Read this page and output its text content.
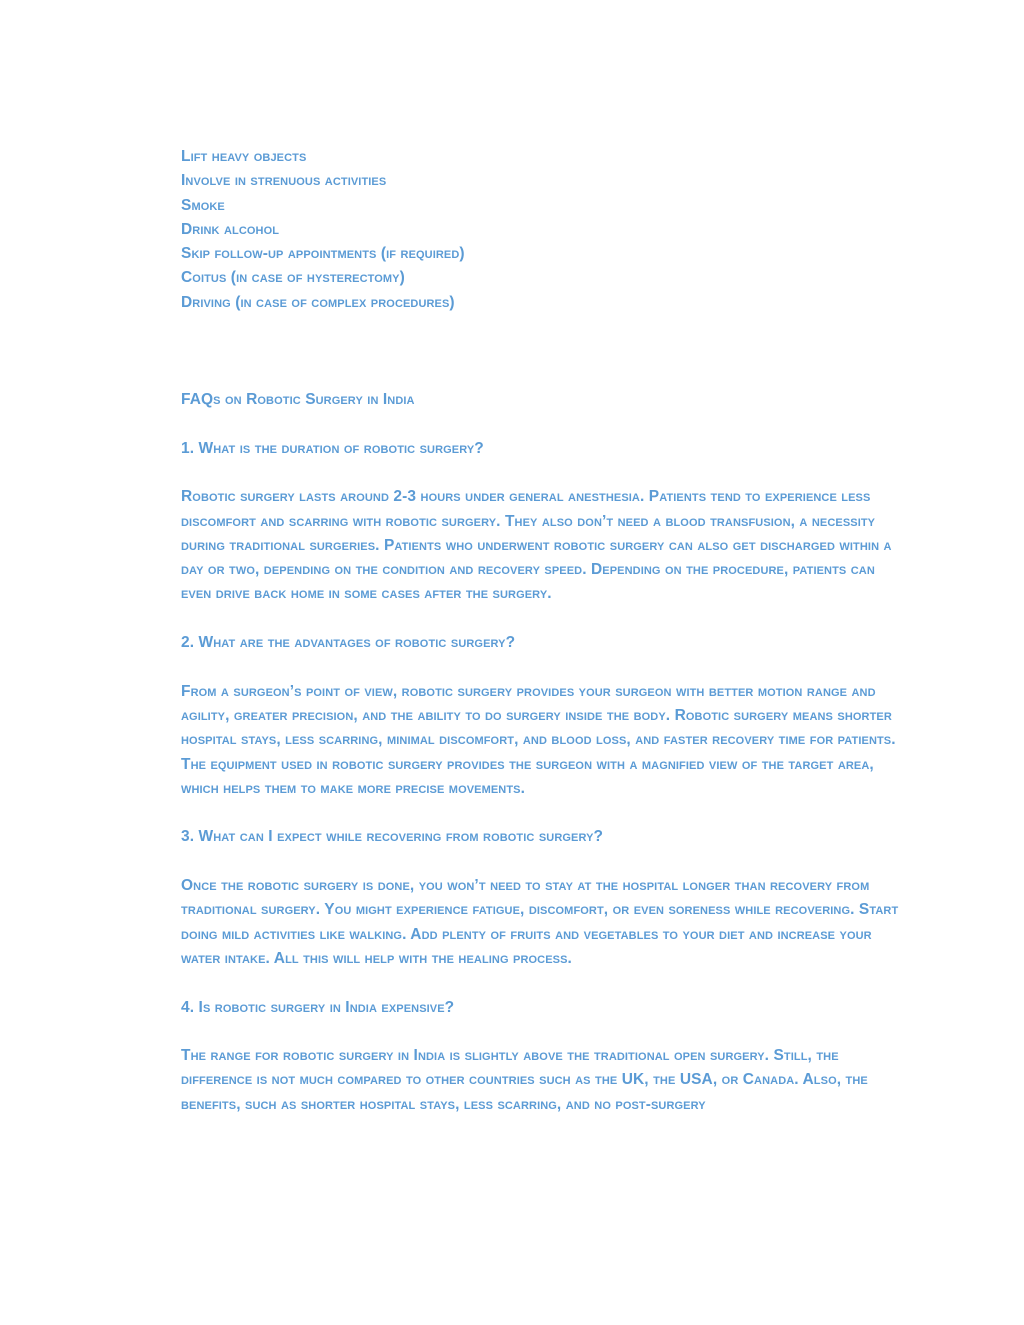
Lift heavy objects
Involve in strenuous activities
Smoke
Drink alcohol
Skip follow-up appointments (if required)
Coitus (in case of hysterectomy)
Driving (in case of complex procedures)
FAQs on Robotic Surgery in India
1. What is the duration of robotic surgery?
Robotic surgery lasts around 2-3 hours under general anesthesia. Patients tend to experience less discomfort and scarring with robotic surgery. They also don’t need a blood transfusion, a necessity during traditional surgeries. Patients who underwent robotic surgery can also get discharged within a day or two, depending on the condition and recovery speed. Depending on the procedure, patients can even drive back home in some cases after the surgery.
2. What are the advantages of robotic surgery?
From a surgeon’s point of view, robotic surgery provides your surgeon with better motion range and agility, greater precision, and the ability to do surgery inside the body. Robotic surgery means shorter hospital stays, less scarring, minimal discomfort, and blood loss, and faster recovery time for patients. The equipment used in robotic surgery provides the surgeon with a magnified view of the target area, which helps them to make more precise movements.
3. What can I expect while recovering from robotic surgery?
Once the robotic surgery is done, you won’t need to stay at the hospital longer than recovery from traditional surgery. You might experience fatigue, discomfort, or even soreness while recovering. Start doing mild activities like walking. Add plenty of fruits and vegetables to your diet and increase your water intake. All this will help with the healing process.
4. Is robotic surgery in India expensive?
The range for robotic surgery in India is slightly above the traditional open surgery. Still, the difference is not much compared to other countries such as the UK, the USA, or Canada. Also, the benefits, such as shorter hospital stays, less scarring, and no post-surgery
